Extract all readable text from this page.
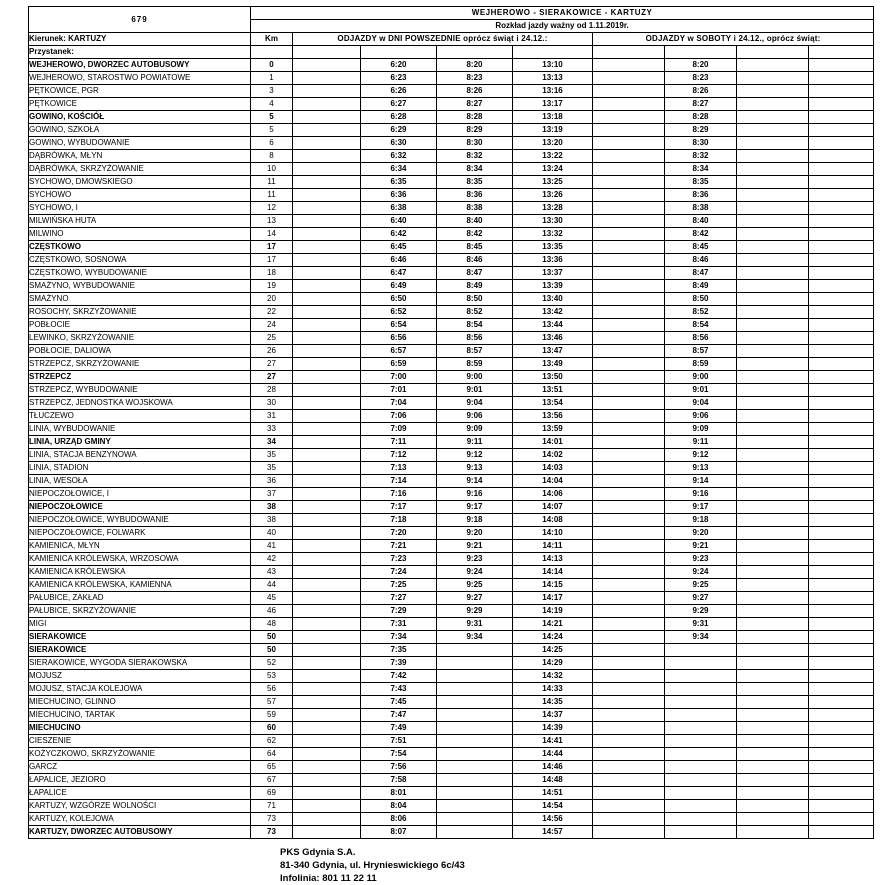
679	WEJHEROWO - SIERAKOWICE - KARTUZY								
	Rozkład jazdy ważny od 1.11.2019r.								
Kierunek: KARTUZY	Km	ODJAZDY w DNI POWSZEDNIE oprócz świąt i 24.12.:				ODJAZDY w SOBOTY i 24.12., oprócz świąt:			
Przystanek:									
WEJHEROWO, DWORZEC AUTOBUSOWY	0		6:20	8:20	13:10		8:20		
WEJHEROWO, STAROSTWO POWIATOWE	1		6:23	8:23	13:13		8:23		
PĘTKOWICE, PGR	3		6:26	8:26	13:16		8:26		
PĘTKOWICE	4		6:27	8:27	13:17		8:27		
GOWINO, KOŚCIÓŁ	5		6:28	8:28	13:18		8:28		
GOWINO, SZKOŁA	5		6:29	8:29	13:19		8:29		
GOWINO, WYBUDOWANIE	6		6:30	8:30	13:20		8:30		
DĄBRÓWKA, MŁYN	8		6:32	8:32	13:22		8:32		
DĄBRÓWKA, SKRZYŻOWANIE	10		6:34	8:34	13:24		8:34		
SYCHOWO, DMOWSKIEGO	11		6:35	8:35	13:25		8:35		
SYCHOWO	11		6:36	8:36	13:26		8:36		
SYCHOWO, I	12		6:38	8:38	13:28		8:38		
MILWIŃSKA HUTA	13		6:40	8:40	13:30		8:40		
MILWINO	14		6:42	8:42	13:32		8:42		
CZĘSTKOWO	17		6:45	8:45	13:35		8:45		
CZĘSTKOWO, SOSNOWA	17		6:46	8:46	13:36		8:46		
CZĘSTKOWO, WYBUDOWANIE	18		6:47	8:47	13:37		8:47		
SMAŻYNO, WYBUDOWANIE	19		6:49	8:49	13:39		8:49		
SMAŻYNO	20		6:50	8:50	13:40		8:50		
ROSOCHY, SKRZYŻOWANIE	22		6:52	8:52	13:42		8:52		
POBŁOCIE	24		6:54	8:54	13:44		8:54		
LEWINKO, SKRZYŻOWANIE	25		6:56	8:56	13:46		8:56		
POBŁOCIE, DALIOWA	26		6:57	8:57	13:47		8:57		
STRZEPCZ, SKRZYŻOWANIE	27		6:59	8:59	13:49		8:59		
STRZEPCZ	27		7:00	9:00	13:50		9:00		
STRZEPCZ, WYBUDOWANIE	28		7:01	9:01	13:51		9:01		
STRZEPCZ, JEDNOSTKA WOJSKOWA	30		7:04	9:04	13:54		9:04		
TŁUCZEWO	31		7:06	9:06	13:56		9:06		
LINIA, WYBUDOWANIE	33		7:09	9:09	13:59		9:09		
LINIA, URZĄD GMINY	34		7:11	9:11	14:01		9:11		
LINIA, STACJA BENZYNOWA	35		7:12	9:12	14:02		9:12		
LINIA, STADION	35		7:13	9:13	14:03		9:13		
LINIA, WESOŁA	36		7:14	9:14	14:04		9:14		
NIEPOCZOŁOWICE, I	37		7:16	9:16	14:06		9:16		
NIEPOCZOŁOWICE	38		7:17	9:17	14:07		9:17		
NIEPOCZOŁOWICE, WYBUDOWANIE	38		7:18	9:18	14:08		9:18		
NIEPOCZOŁOWICE, FOLWARK	40		7:20	9:20	14:10		9:20		
KAMIENICA, MŁYN	41		7:21	9:21	14:11		9:21		
KAMIENICA KRÓLEWSKA, WRZOSOWA	42		7:23	9:23	14:13		9:23		
KAMIENICA KRÓLEWSKA	43		7:24	9:24	14:14		9:24		
KAMIENICA KRÓLEWSKA, KAMIENNA	44		7:25	9:25	14:15		9:25		
PAŁUBICE, ZAKŁAD	45		7:27	9:27	14:17		9:27		
PAŁUBICE, SKRZYŻOWANIE	46		7:29	9:29	14:19		9:29		
MIGI	48		7:31	9:31	14:21		9:31		
SIERAKOWICE	50		7:34	9:34	14:24		9:34		
SIERAKOWICE	50		7:35		14:25				
SIERAKOWICE, WYGODA SIERAKOWSKA	52		7:39		14:29				
MOJUSZ	53		7:42		14:32				
MOJUSZ, STACJA KOLEJOWA	56		7:43		14:33				
MIECHUCINO, GLINNO	57		7:45		14:35				
MIECHUCINO, TARTAK	59		7:47		14:37				
MIECHUCINO	60		7:49		14:39				
CIESZENIE	62		7:51		14:41				
KOŻYCZKOWO, SKRZYŻOWANIE	64		7:54		14:44				
GARCZ	65		7:56		14:46				
ŁAPALICE, JEZIORO	67		7:58		14:48				
ŁAPALICE	69		8:01		14:51				
KARTUZY, WZGÓRZE WOLNOŚCI	71		8:04		14:54				
KARTUZY, KOLEJOWA	73		8:06		14:56				
KARTUZY, DWORZEC AUTOBUSOWY	73		8:07		14:57				
PKS Gdynia S.A.
81-340 Gdynia, ul. Hrynieswickiego 6c/43
Infolinia: 801 11 22 11
